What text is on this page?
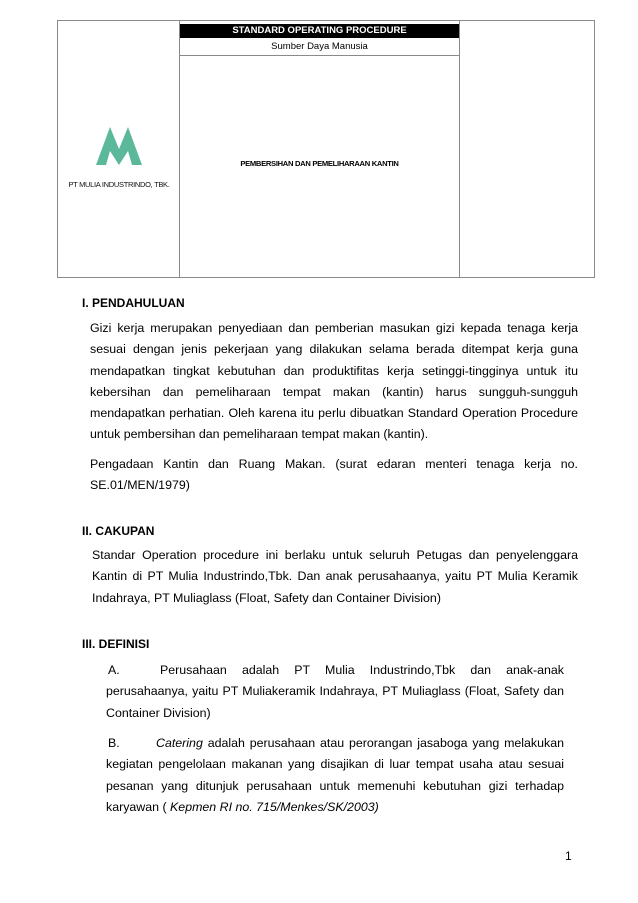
PT MULIA INDUSTRINDO, TBK.
STANDARD OPERATING PROCEDURE
Sumber Daya Manusia
PEMBERSIHAN DAN PEMELIHARAAN KANTIN
I. PENDAHULUAN
Gizi kerja merupakan penyediaan dan pemberian masukan gizi kepada tenaga kerja sesuai dengan jenis pekerjaan yang dilakukan selama berada ditempat kerja guna mendapatkan tingkat kebutuhan dan produktifitas kerja setinggi-tingginya untuk itu kebersihan dan pemeliharaan tempat makan (kantin) harus sungguh-sungguh mendapatkan perhatian. Oleh karena itu perlu dibuatkan Standard Operation Procedure untuk pembersihan dan pemeliharaan tempat makan (kantin).
Pengadaan Kantin dan Ruang Makan. (surat edaran menteri tenaga kerja no. SE.01/MEN/1979)
II. CAKUPAN
Standar Operation procedure ini berlaku untuk seluruh Petugas dan penyelenggara Kantin di PT Mulia Industrindo,Tbk. Dan anak perusahaanya, yaitu PT Mulia Keramik Indahraya, PT Muliaglass (Float, Safety dan Container Division)
III. DEFINISI
A.	Perusahaan adalah PT Mulia Industrindo,Tbk dan anak-anak perusahaanya, yaitu PT Muliakeramik Indahraya, PT Muliaglass (Float, Safety dan Container Division)
B.	Catering adalah perusahaan atau perorangan jasaboga yang melakukan kegiatan pengelolaan makanan yang disajikan di luar tempat usaha atau sesuai pesanan yang ditunjuk perusahaan untuk memenuhi kebutuhan gizi terhadap karyawan ( Kepmen RI no. 715/Menkes/SK/2003)
1
